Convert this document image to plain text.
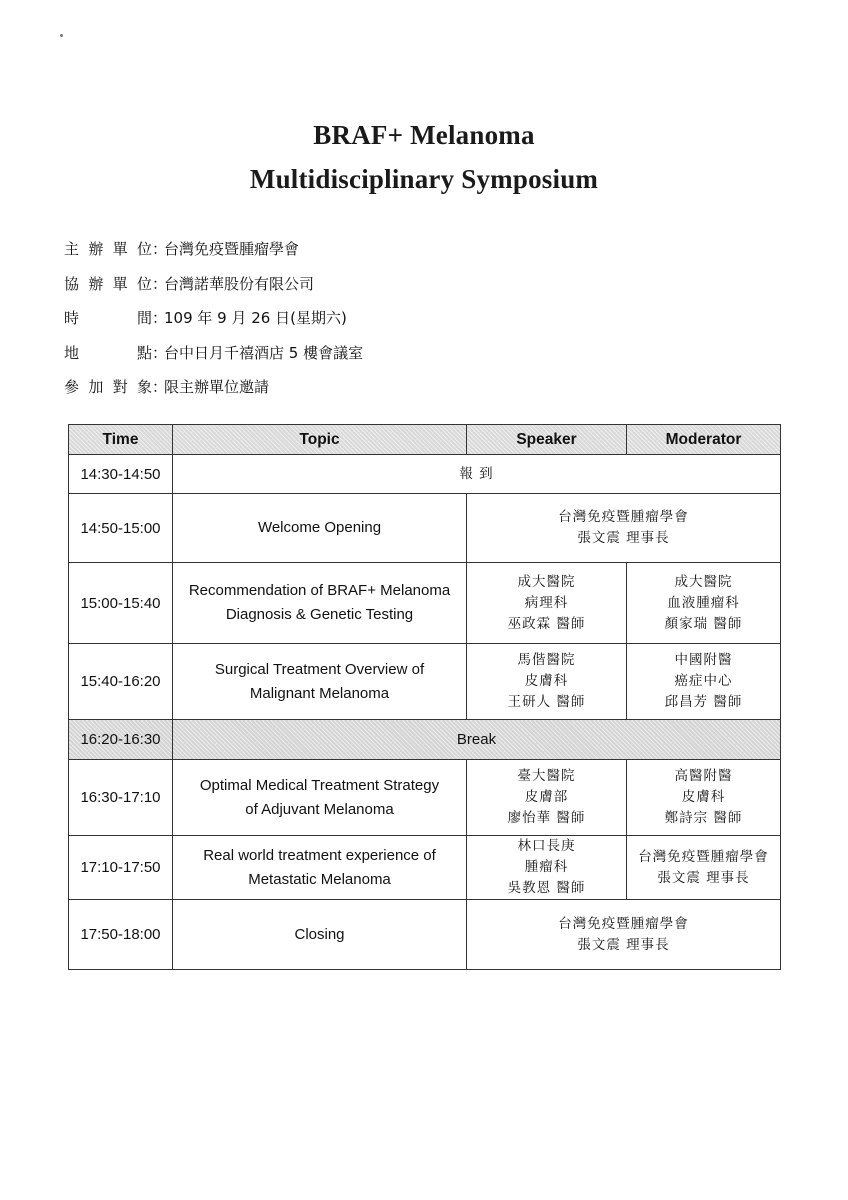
BRAF+ Melanoma
Multidisciplinary Symposium
主辦單位 ：
台灣免疫暨腫瘤學會
協辦單位 ：
台灣諾華股份有限公司
時間 ：
109 年 9 月 26 日(星期六)
地點 ：
台中日月千禧酒店 5 樓會議室
參加對象 ：
限主辦單位邀請
Time	Topic	Speaker	Moderator
14:30-14:50	報 到		
14:50-15:00	Welcome Opening	台灣免疫暨腫瘤學會
張文震 理事長	

15:00-15:40	Recommendation of BRAF+ Melanoma
Diagnosis & Genetic Testing	成大醫院
病理科
巫政霖 醫師	成大醫院
血液腫瘤科
顏家瑞 醫師

15:40-16:20	Surgical Treatment Overview of
Malignant Melanoma	馬偕醫院
皮膚科
王研人 醫師	中國附醫
癌症中心
邱昌芳 醫師

16:20-16:30	Break		
16:30-17:10	Optimal Medical Treatment Strategy
of Adjuvant Melanoma	臺大醫院
皮膚部
廖怡華 醫師	高醫附醫
皮膚科
鄭詩宗 醫師

17:10-17:50	Real world treatment experience of
Metastatic Melanoma	林口長庚
腫瘤科
吳教恩 醫師	台灣免疫暨腫瘤學會
張文震 理事長

17:50-18:00	Closing	台灣免疫暨腫瘤學會
張文震 理事長	
